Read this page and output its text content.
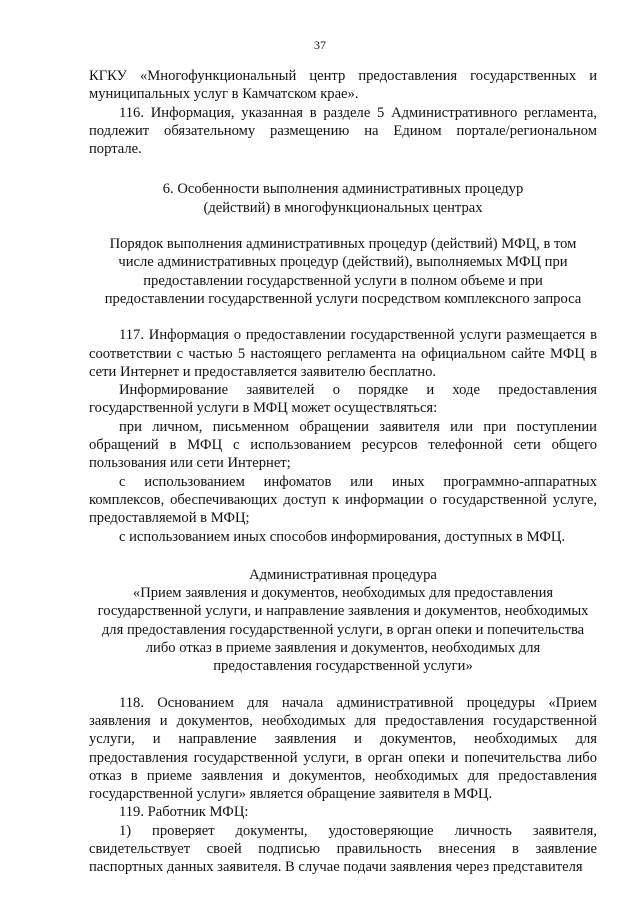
37

КГКУ «Многофункциональный центр предоставления государственных и муниципальных услуг в Камчатском крае».

116. Информация, указанная в разделе 5 Административного регламента, подлежит обязательному размещению на Едином портале/региональном портале.

6. Особенности выполнения административных процедур (действий) в многофункциональных центрах

Порядок выполнения административных процедур (действий) МФЦ, в том числе административных процедур (действий), выполняемых МФЦ при предоставлении государственной услуги в полном объеме и при предоставлении государственной услуги посредством комплексного запроса

117. Информация о предоставлении государственной услуги размещается в соответствии с частью 5 настоящего регламента на официальном сайте МФЦ в сети Интернет и предоставляется заявителю бесплатно.

Информирование заявителей о порядке и ходе предоставления государственной услуги в МФЦ может осуществляться:

при личном, письменном обращении заявителя или при поступлении обращений в МФЦ с использованием ресурсов телефонной сети общего пользования или сети Интернет;

с использованием инфоматов или иных программно-аппаратных комплексов, обеспечивающих доступ к информации о государственной услуге, предоставляемой в МФЦ;

с использованием иных способов информирования, доступных в МФЦ.

Административная процедура

«Прием заявления и документов, необходимых для предоставления государственной услуги, и направление заявления и документов, необходимых для предоставления государственной услуги, в орган опеки и попечительства либо отказ в приеме заявления и документов, необходимых для предоставления государственной услуги»

118. Основанием для начала административной процедуры «Прием заявления и документов, необходимых для предоставления государственной услуги, и направление заявления и документов, необходимых для предоставления государственной услуги, в орган опеки и попечительства либо отказ в приеме заявления и документов, необходимых для предоставления государственной услуги» является обращение заявителя в МФЦ.

119. Работник МФЦ:

1) проверяет документы, удостоверяющие личность заявителя, свидетельствует своей подписью правильность внесения в заявление паспортных данных заявителя. В случае подачи заявления через представителя
